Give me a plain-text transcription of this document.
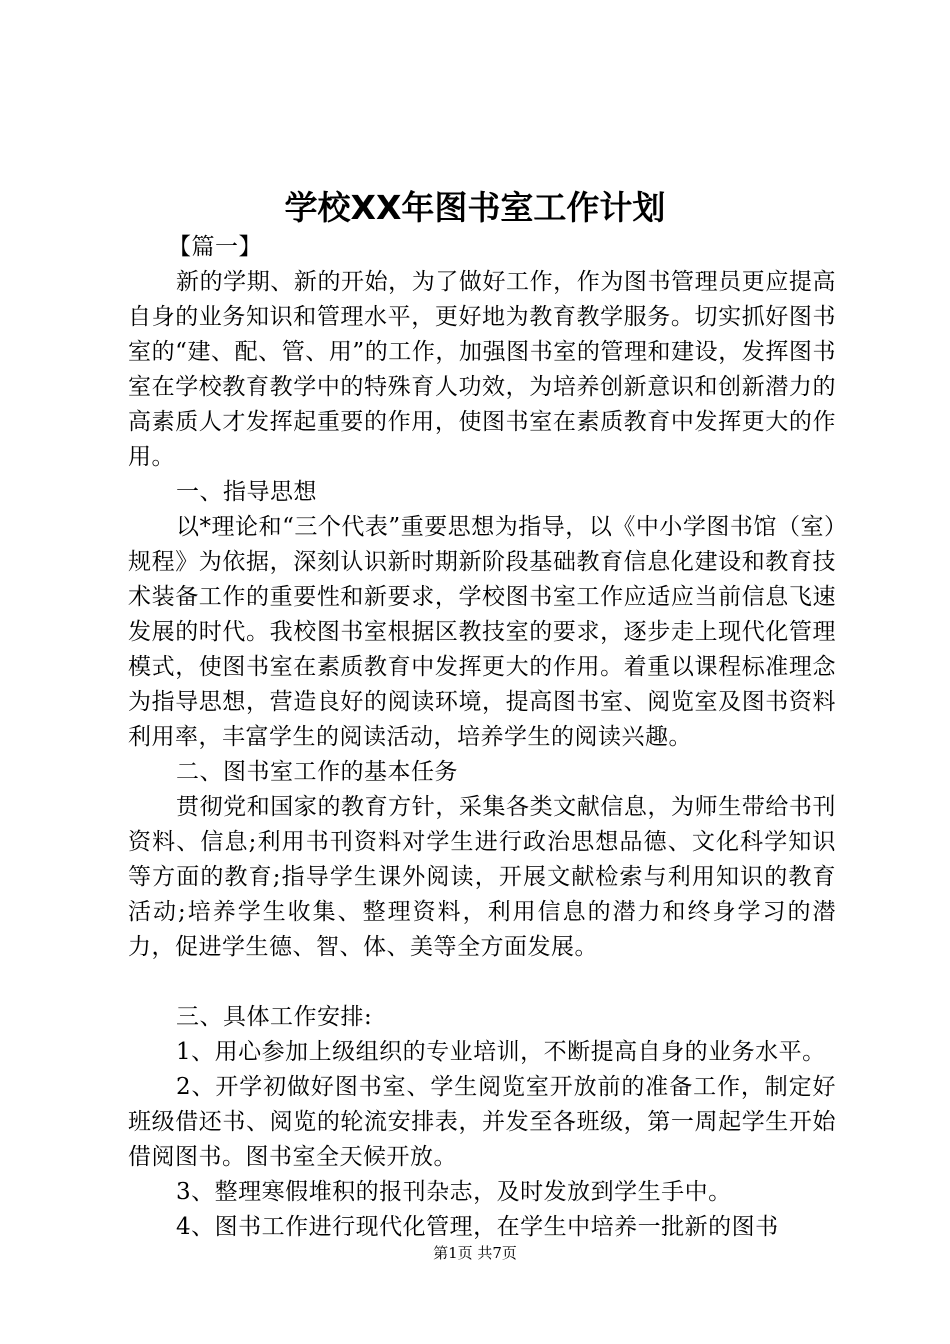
学校XX年图书室工作计划

【篇一】

新的学期、新的开始，为了做好工作，作为图书管理员更应提高自身的业务知识和管理水平，更好地为教育教学服务。切实抓好图书室的“建、配、管、用”的工作，加强图书室的管理和建设，发挥图书室在学校教育教学中的特殊育人功效，为培养创新意识和创新潜力的高素质人才发挥起重要的作用，使图书室在素质教育中发挥更大的作用。

一、指导思想

以*理论和“三个代表”重要思想为指导，以《中小学图书馆（室）规程》为依据，深刻认识新时期新阶段基础教育信息化建设和教育技术装备工作的重要性和新要求，学校图书室工作应适应当前信息飞速发展的时代。我校图书室根据区教技室的要求，逐步走上现代化管理模式，使图书室在素质教育中发挥更大的作用。着重以课程标准理念为指导思想，营造良好的阅读环境，提高图书室、阅览室及图书资料利用率，丰富学生的阅读活动，培养学生的阅读兴趣。

二、图书室工作的基本任务

贯彻党和国家的教育方针，采集各类文献信息，为师生带给书刊资料、信息;利用书刊资料对学生进行政治思想品德、文化科学知识等方面的教育;指导学生课外阅读，开展文献检索与利用知识的教育活动;培养学生收集、整理资料，利用信息的潜力和终身学习的潜力，促进学生德、智、体、美等全方面发展。

三、具体工作安排:

1、用心参加上级组织的专业培训，不断提高自身的业务水平。

2、开学初做好图书室、学生阅览室开放前的准备工作，制定好班级借还书、阅览的轮流安排表，并发至各班级，第一周起学生开始借阅图书。图书室全天候开放。

3、整理寒假堆积的报刊杂志，及时发放到学生手中。

4、图书工作进行现代化管理，在学生中培养一批新的图书

第1页 共7页
